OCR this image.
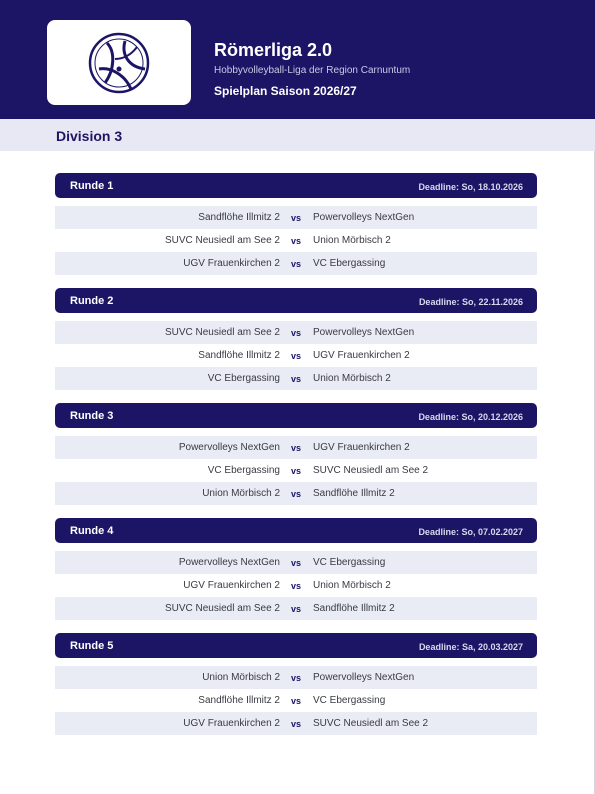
Römerliga 2.0
Hobbyvolleyball-Liga der Region Carnuntum
Spielplan Saison 2026/27
Division 3
Runde 1	Deadline: So, 18.10.2026
Sandflöhe Illmitz 2 vs Powervolleys NextGen
SUVC Neusiedl am See 2 vs Union Mörbisch 2
UGV Frauenkirchen 2 vs VC Ebergassing
Runde 2	Deadline: So, 22.11.2026
SUVC Neusiedl am See 2 vs Powervolleys NextGen
Sandflöhe Illmitz 2 vs UGV Frauenkirchen 2
VC Ebergassing vs Union Mörbisch 2
Runde 3	Deadline: So, 20.12.2026
Powervolleys NextGen vs UGV Frauenkirchen 2
VC Ebergassing vs SUVC Neusiedl am See 2
Union Mörbisch 2 vs Sandflöhe Illmitz 2
Runde 4	Deadline: So, 07.02.2027
Powervolleys NextGen vs VC Ebergassing
UGV Frauenkirchen 2 vs Union Mörbisch 2
SUVC Neusiedl am See 2 vs Sandflöhe Illmitz 2
Runde 5	Deadline: Sa, 20.03.2027
Union Mörbisch 2 vs Powervolleys NextGen
Sandflöhe Illmitz 2 vs VC Ebergassing
UGV Frauenkirchen 2 vs SUVC Neusiedl am See 2
